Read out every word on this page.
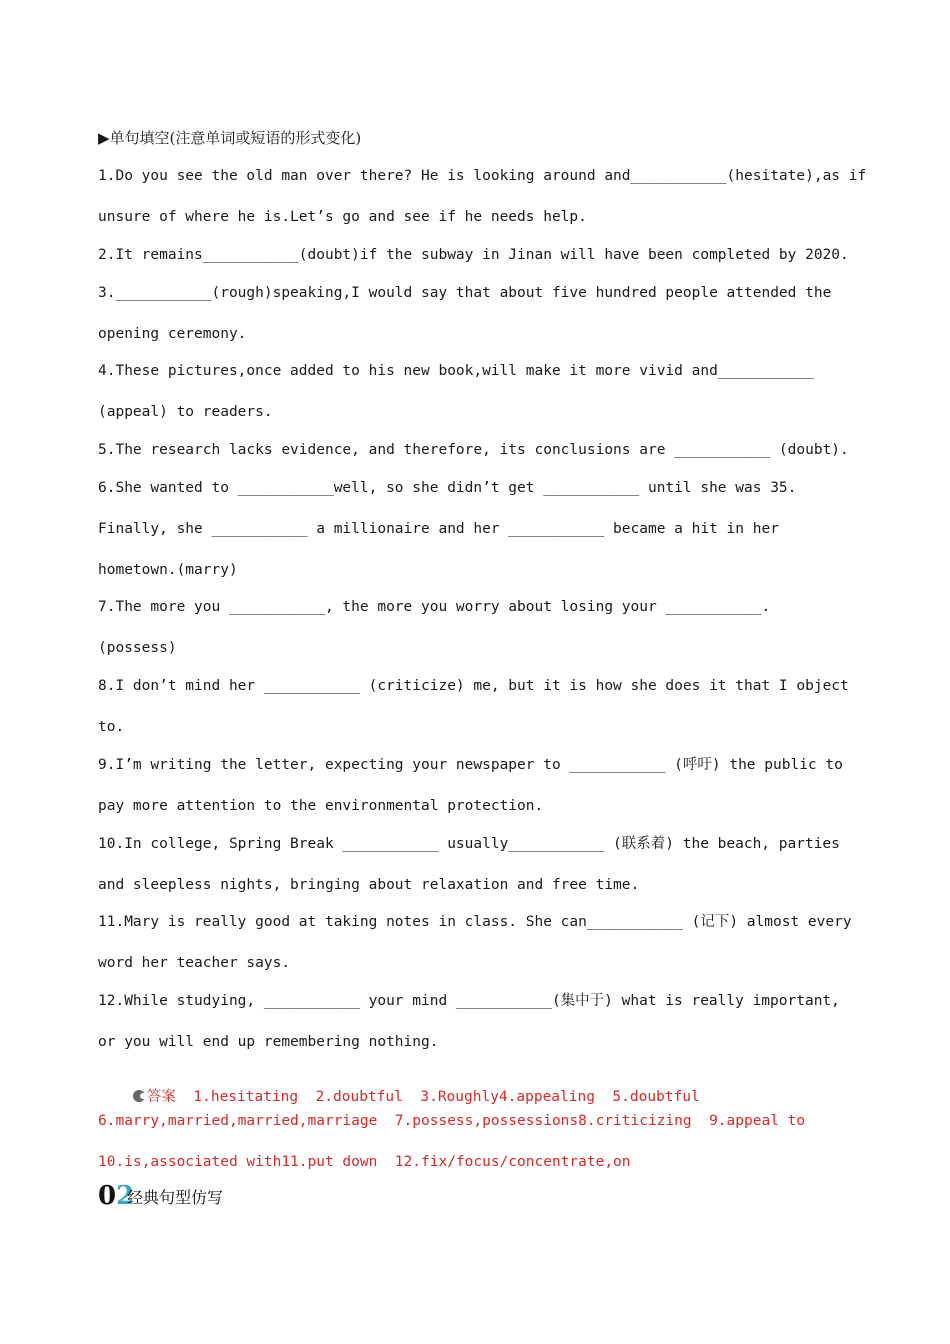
▶单句填空(注意单词或短语的形式变化)
1.Do you see the old man over there? He is looking around and___________(hesitate),as if
unsure of where he is.Let’s go and see if he needs help.
2.It remains___________(doubt)if the subway in Jinan will have been completed by 2020.
3.___________(rough)speaking,I would say that about five hundred people attended the
opening ceremony.
4.These pictures,once added to his new book,will make it more vivid and___________
(appeal) to readers.
5.The research lacks evidence, and therefore, its conclusions are ___________ (doubt).
6.She wanted to ___________well, so she didn’t get ___________ until she was 35.
Finally, she ___________ a millionaire and her ___________ became a hit in her
hometown.(marry)
7.The more you ___________, the more you worry about losing your ___________.
(possess)
8.I don’t mind her ___________ (criticize) me, but it is how she does it that I object
to.
9.I’m writing the letter, expecting your newspaper to ___________ (呼吁) the public to
pay more attention to the environmental protection.
10.In college, Spring Break ___________ usually___________ (联系着) the beach, parties
and sleepless nights, bringing about relaxation and free time.
11.Mary is really good at taking notes in class. She can___________ (记下) almost every
word her teacher says.
12.While studying, ___________ your mind ___________(集中于) what is really important,
or you will end up remembering nothing.

答案  1.hesitating  2.doubtful  3.Roughly4.appealing  5.doubtful

6.marry,married,married,marriage  7.possess,possessions8.criticizing  9.appeal to
10.is,associated with11.put down  12.fix/focus/concentrate,on
02
经典句型仿写
